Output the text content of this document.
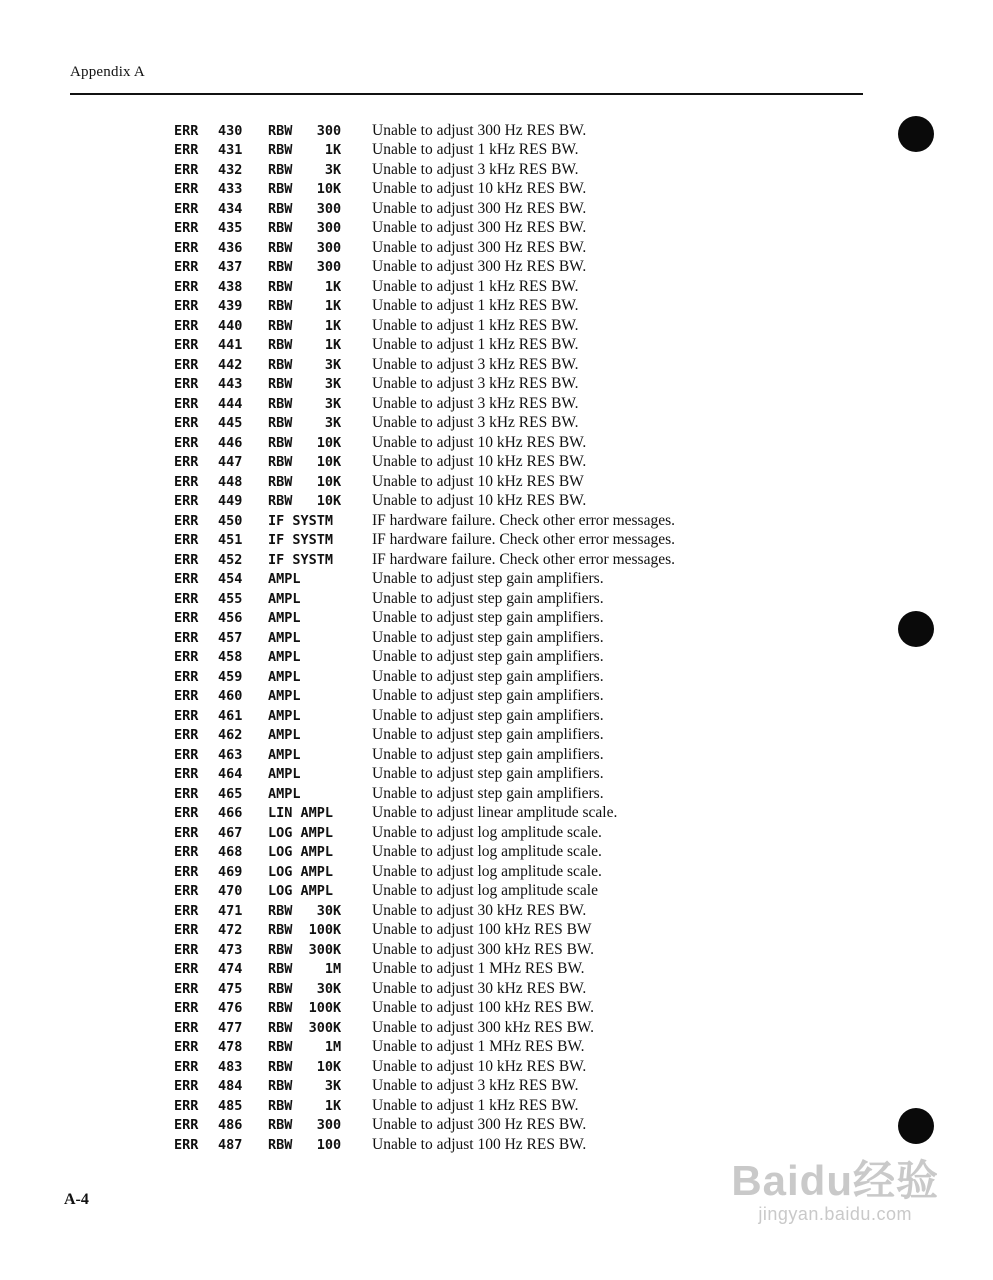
Appendix A
ERR	430	RBW   300	Unable to adjust 300 Hz RES BW.
ERR	431	RBW    1K	Unable to adjust 1 kHz RES BW.
ERR	432	RBW    3K	Unable to adjust 3 kHz RES BW.
ERR	433	RBW   10K	Unable to adjust 10 kHz RES BW.
ERR	434	RBW   300	Unable to adjust 300 Hz RES BW.
ERR	435	RBW   300	Unable to adjust 300 Hz RES BW.
ERR	436	RBW   300	Unable to adjust 300 Hz RES BW.
ERR	437	RBW   300	Unable to adjust 300 Hz RES BW.
ERR	438	RBW    1K	Unable to adjust 1 kHz RES BW.
ERR	439	RBW    1K	Unable to adjust 1 kHz RES BW.
ERR	440	RBW    1K	Unable to adjust 1 kHz RES BW.
ERR	441	RBW    1K	Unable to adjust 1 kHz RES BW.
ERR	442	RBW    3K	Unable to adjust 3 kHz RES BW.
ERR	443	RBW    3K	Unable to adjust 3 kHz RES BW.
ERR	444	RBW    3K	Unable to adjust 3 kHz RES BW.
ERR	445	RBW    3K	Unable to adjust 3 kHz RES BW.
ERR	446	RBW   10K	Unable to adjust 10 kHz RES BW.
ERR	447	RBW   10K	Unable to adjust 10 kHz RES BW.
ERR	448	RBW   10K	Unable to adjust 10 kHz RES BW
ERR	449	RBW   10K	Unable to adjust 10 kHz RES BW.
ERR	450	IF SYSTM	IF hardware failure. Check other error messages.
ERR	451	IF SYSTM	IF hardware failure. Check other error messages.
ERR	452	IF SYSTM	IF hardware failure. Check other error messages.
ERR	454	AMPL	Unable to adjust step gain amplifiers.
ERR	455	AMPL	Unable to adjust step gain amplifiers.
ERR	456	AMPL	Unable to adjust step gain amplifiers.
ERR	457	AMPL	Unable to adjust step gain amplifiers.
ERR	458	AMPL	Unable to adjust step gain amplifiers.
ERR	459	AMPL	Unable to adjust step gain amplifiers.
ERR	460	AMPL	Unable to adjust step gain amplifiers.
ERR	461	AMPL	Unable to adjust step gain amplifiers.
ERR	462	AMPL	Unable to adjust step gain amplifiers.
ERR	463	AMPL	Unable to adjust step gain amplifiers.
ERR	464	AMPL	Unable to adjust step gain amplifiers.
ERR	465	AMPL	Unable to adjust step gain amplifiers.
ERR	466	LIN AMPL	Unable to adjust linear amplitude scale.
ERR	467	LOG AMPL	Unable to adjust log amplitude scale.
ERR	468	LOG AMPL	Unable to adjust log amplitude scale.
ERR	469	LOG AMPL	Unable to adjust log amplitude scale.
ERR	470	LOG AMPL	Unable to adjust log amplitude scale
ERR	471	RBW   30K	Unable to adjust 30 kHz RES BW.
ERR	472	RBW  100K	Unable to adjust 100 kHz RES BW
ERR	473	RBW  300K	Unable to adjust 300 kHz RES BW.
ERR	474	RBW    1M	Unable to adjust 1 MHz RES BW.
ERR	475	RBW   30K	Unable to adjust 30 kHz RES BW.
ERR	476	RBW  100K	Unable to adjust 100 kHz RES BW.
ERR	477	RBW  300K	Unable to adjust 300 kHz RES BW.
ERR	478	RBW    1M	Unable to adjust 1 MHz RES BW.
ERR	483	RBW   10K	Unable to adjust 10 kHz RES BW.
ERR	484	RBW    3K	Unable to adjust 3 kHz RES BW.
ERR	485	RBW    1K	Unable to adjust 1 kHz RES BW.
ERR	486	RBW   300	Unable to adjust 300 Hz RES BW.
ERR	487	RBW   100	Unable to adjust 100 Hz RES BW.
A-4	Baidu经验
jingyan.baidu.com
